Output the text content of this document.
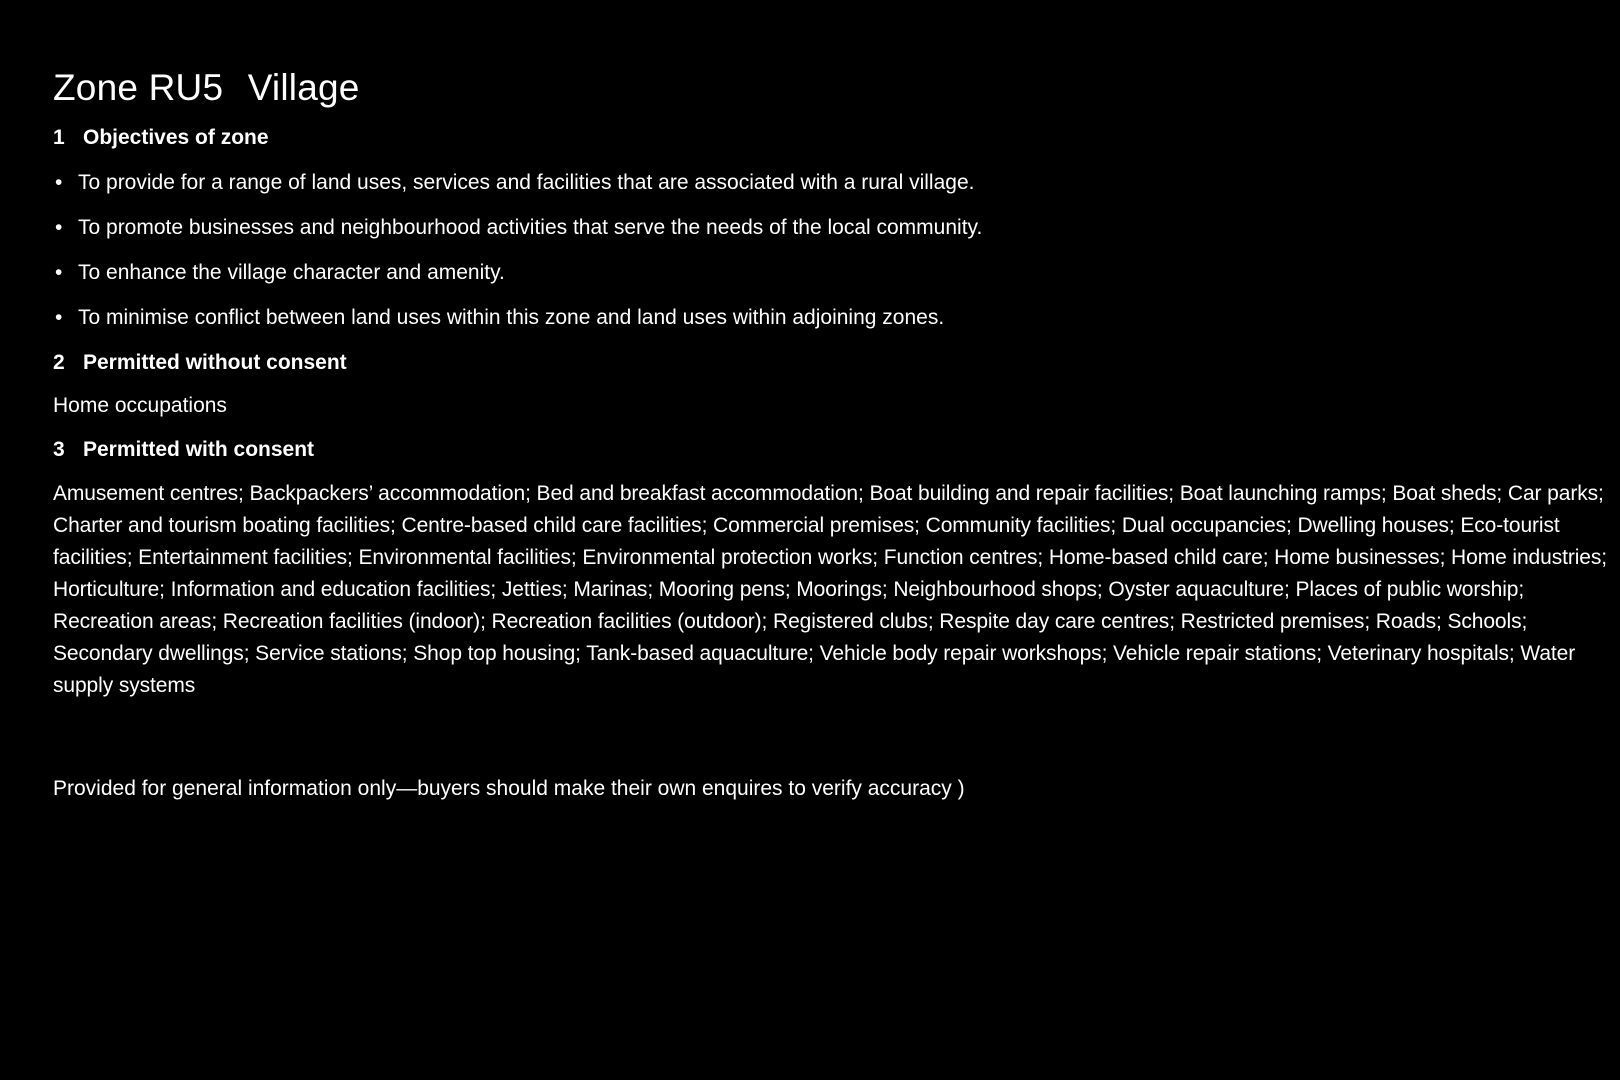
Zone RU5 Village
1 Objectives of zone
• To provide for a range of land uses, services and facilities that are associated with a rural village.
• To promote businesses and neighbourhood activities that serve the needs of the local community.
• To enhance the village character and amenity.
• To minimise conflict between land uses within this zone and land uses within adjoining zones.
2 Permitted without consent

Home occupations

3 Permitted with consent

Amusement centres; Backpackers’ accommodation; Bed and breakfast accommodation; Boat building and repair facilities; Boat launching ramps; Boat sheds; Car parks; Charter and tourism boating facilities; Centre-based child care facilities; Commercial premises; Community facilities; Dual occupancies; Dwelling houses; Eco-tourist facilities; Entertainment facilities; Environmental facilities; Environmental protection works; Function centres; Home-based child care; Home businesses; Home industries; Horticulture; Information and education facilities; Jetties; Marinas; Mooring pens; Moorings; Neighbourhood shops; Oyster aquaculture; Places of public worship; Recreation areas; Recreation facilities (indoor); Recreation facilities (outdoor); Registered clubs; Respite day care centres; Restricted premises; Roads; Schools; Secondary dwellings; Service stations; Shop top housing; Tank-based aquaculture; Vehicle body repair workshops; Vehicle repair stations; Veterinary hospitals; Water supply systems

Provided for general information only—buyers should make their own enquires to verify accuracy )
